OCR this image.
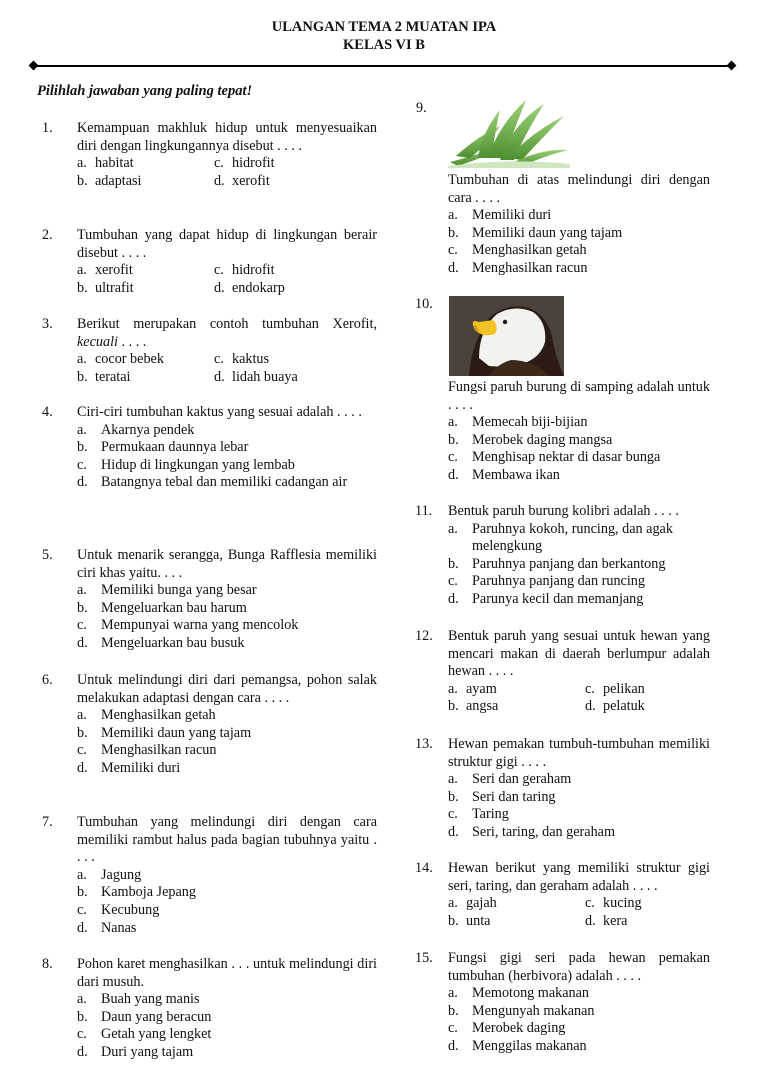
ULANGAN TEMA 2 MUATAN IPA
KELAS VI B
Pilihlah jawaban yang paling tepat!
1.	Kemampuan makhluk hidup untuk menyesuaikan diri dengan lingkungannya disebut . . . .
a. habitat	c. hidrofit
b. adaptasi	d. xerofit
2.	Tumbuhan yang dapat hidup di lingkungan berair disebut . . . .
a. xerofit	c. hidrofit
b. ultrafit	d. endokarp
3.	Berikut merupakan contoh tumbuhan Xerofit, kecuali . . . .
a. cocor bebek	c. kaktus
b. teratai	d. lidah buaya
4.	Ciri-ciri tumbuhan kaktus yang sesuai adalah . . . .
a. Akarnya pendek
b. Permukaan daunnya lebar
c. Hidup di lingkungan yang lembab
d. Batangnya tebal dan memiliki cadangan air
5.	Untuk menarik serangga, Bunga Rafflesia memiliki ciri khas yaitu. . . .
a. Memiliki bunga yang besar
b. Mengeluarkan bau harum
c. Mempunyai warna yang mencolok
d. Mengeluarkan bau busuk
6.	Untuk melindungi diri dari pemangsa, pohon salak melakukan adaptasi dengan cara . . . .
a. Menghasilkan getah
b. Memiliki daun yang tajam
c. Menghasilkan racun
d. Memiliki duri
7.	Tumbuhan yang melindungi diri dengan cara memiliki rambut halus pada bagian tubuhnya yaitu . . . .
a. Jagung
b. Kamboja Jepang
c. Kecubung
d. Nanas
8.	Pohon karet menghasilkan . . . untuk melindungi diri dari musuh.
a. Buah yang manis
b. Daun yang beracun
c. Getah yang lengket
d. Duri yang tajam
9.
Tumbuhan di atas melindungi diri dengan cara . . . .
a. Memiliki duri
b. Memiliki daun yang tajam
c. Menghasilkan getah
d. Menghasilkan racun
10.
Fungsi paruh burung di samping adalah untuk . . . .
a. Memecah biji-bijian
b. Merobek daging mangsa
c. Menghisap nektar di dasar bunga
d. Membawa ikan
11.	Bentuk paruh burung kolibri adalah . . . .
a. Paruhnya kokoh, runcing, dan agak melengkung
b. Paruhnya panjang dan berkantong
c. Paruhnya panjang dan runcing
d. Parunya kecil dan memanjang
12.	Bentuk paruh yang sesuai untuk hewan yang mencari makan di daerah berlumpur adalah hewan . . . .
a. ayam	c. pelikan
b. angsa	d. pelatuk
13.	Hewan pemakan tumbuh-tumbuhan memiliki struktur gigi . . . .
a. Seri dan geraham
b. Seri dan taring
c. Taring
d. Seri, taring, dan geraham
14.	Hewan berikut yang memiliki struktur gigi seri, taring, dan geraham adalah . . . .
a. gajah	c. kucing
b. unta	d. kera
15.	Fungsi gigi seri pada hewan pemakan tumbuhan (herbivora) adalah . . . .
a. Memotong makanan
b. Mengunyah makanan
c. Merobek daging
d. Menggilas makanan
